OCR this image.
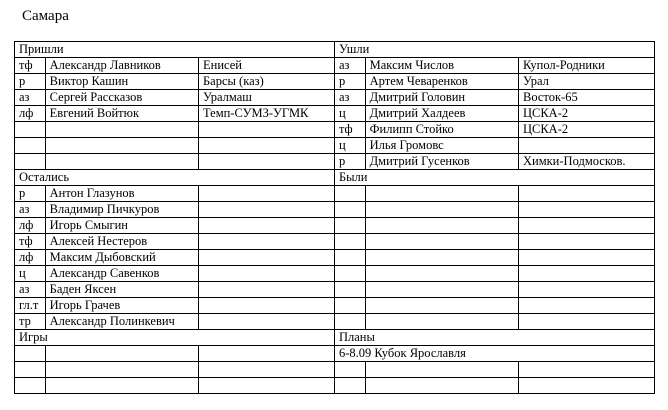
Самара
Пришли			Ушли		
тф	Александр Лавников	Енисей	аз	Максим Числов	Купол-Родники
р	Виктор Кашин	Барсы (каз)	р	Артем Чеваренков	Урал
аз	Сергей Рассказов	Уралмаш	аз	Дмитрий Головин	Восток-65
лф	Евгений Войтюк	Темп-СУМЗ-УГМК	ц	Дмитрий Халдеев	ЦСКА-2
			тф	Филипп Стойко	ЦСКА-2
			ц	Илья Громовс	
			р	Дмитрий Гусенков	Химки-Подмосков.
Остались			Были		
р	Антон Глазунов				
аз	Владимир Пичкуров				
лф	Игорь Смыгин				
тф	Алексей Нестеров				
лф	Максим Дыбовский				
ц	Александр Савенков				
аз	Баден Яксен				
гл.т	Игорь Грачев				
тр	Александр Полинкевич				
Игры			Планы		
			6-8.09 Кубок Ярославля		
